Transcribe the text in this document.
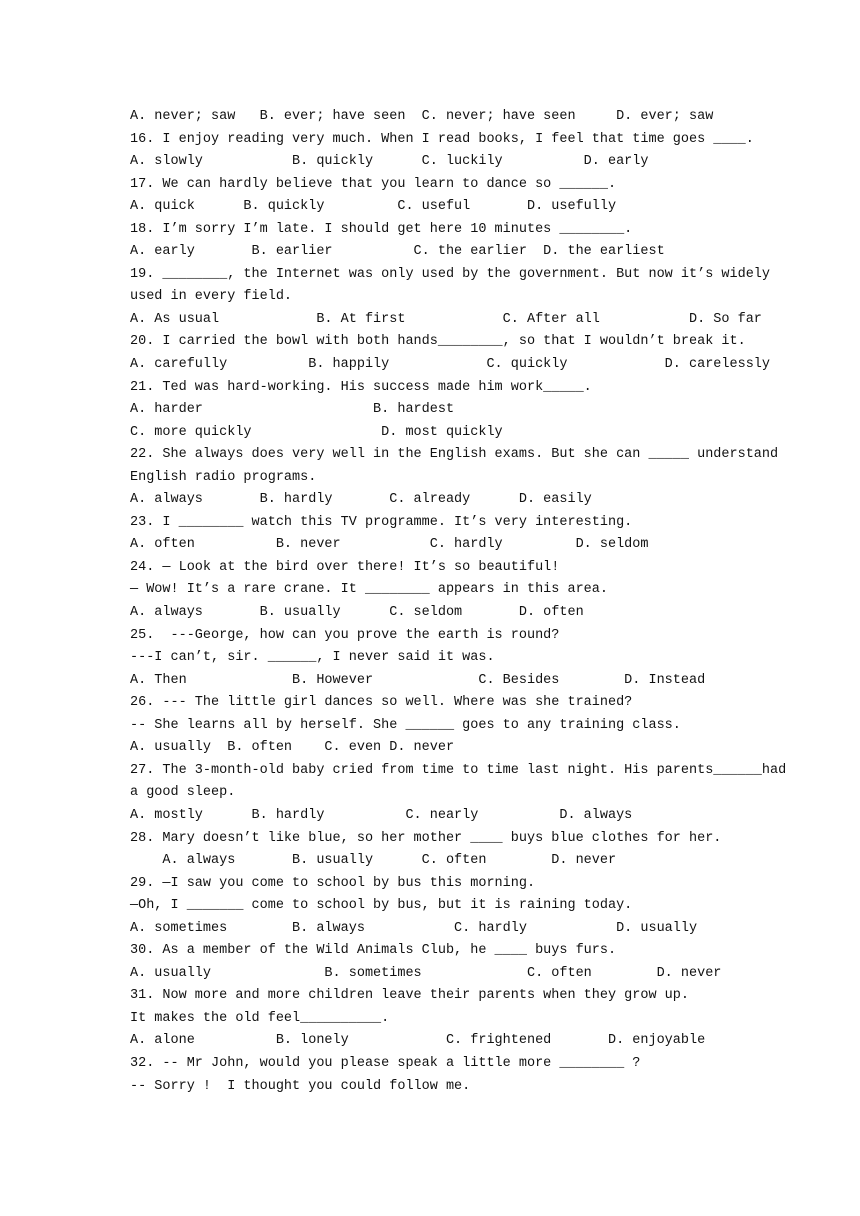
A. never; saw   B. ever; have seen  C. never; have seen     D. ever; saw
16. I enjoy reading very much. When I read books, I feel that time goes ____.
A. slowly           B. quickly      C. luckily          D. early
17. We can hardly believe that you learn to dance so ______.
A. quick      B. quickly         C. useful       D. usefully
18. I’m sorry I’m late. I should get here 10 minutes ________.
A. early       B. earlier          C. the earlier  D. the earliest
19. ________, the Internet was only used by the government. But now it’s widely
used in every field.
A. As usual            B. At first            C. After all           D. So far
20. I carried the bowl with both hands________, so that I wouldn’t break it.
A. carefully          B. happily            C. quickly            D. carelessly
21. Ted was hard-working. His success made him work_____.
A. harder                     B. hardest
C. more quickly                D. most quickly
22. She always does very well in the English exams. But she can _____ understand
English radio programs.
A. always       B. hardly       C. already      D. easily
23. I ________ watch this TV programme. It’s very interesting.
A. often          B. never           C. hardly         D. seldom
24. — Look at the bird over there! It’s so beautiful!
— Wow! It’s a rare crane. It ________ appears in this area.
A. always       B. usually      C. seldom       D. often
25.  ---George, how can you prove the earth is round?
---I can’t, sir. ______, I never said it was.
A. Then             B. However             C. Besides        D. Instead
26. --- The little girl dances so well. Where was she trained?
-- She learns all by herself. She ______ goes to any training class.
A. usually  B. often    C. even D. never
27. The 3-month-old baby cried from time to time last night. His parents______had
a good sleep.
A. mostly      B. hardly          C. nearly          D. always
28. Mary doesn’t like blue, so her mother ____ buys blue clothes for her.
A. always       B. usually      C. often        D. never
29. —I saw you come to school by bus this morning.
—Oh, I _______ come to school by bus, but it is raining today.
A. sometimes        B. always           C. hardly           D. usually
30. As a member of the Wild Animals Club, he ____ buys furs.
A. usually              B. sometimes             C. often        D. never
31. Now more and more children leave their parents when they grow up.
It makes the old feel__________.
A. alone          B. lonely            C. frightened       D. enjoyable
32. -- Mr John, would you please speak a little more ________ ?
-- Sorry !  I thought you could follow me.
